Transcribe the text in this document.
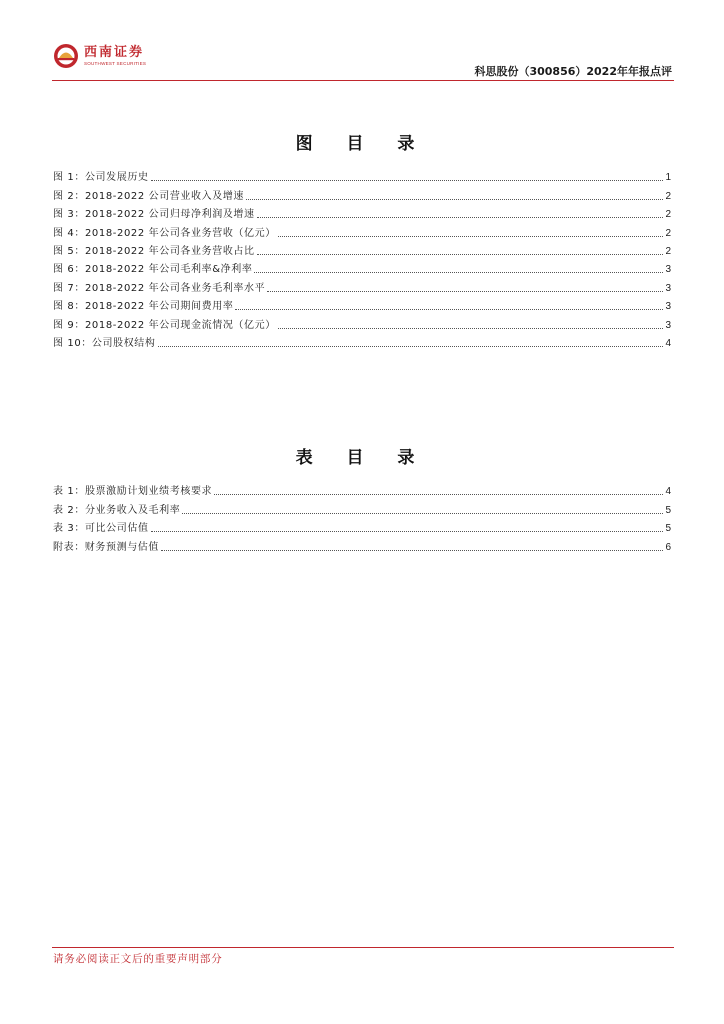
西南证券
SOUTHWEST SECURITIES
科思股份（300856）2022年年报点评
图 目 录
图 1：公司发展历史	1
图 2：2018-2022 公司营业收入及增速	2
图 3：2018-2022 公司归母净利润及增速	2
图 4：2018-2022 年公司各业务营收（亿元）	2
图 5：2018-2022 年公司各业务营收占比	2
图 6：2018-2022 年公司毛利率&净利率	3
图 7：2018-2022 年公司各业务毛利率水平	3
图 8：2018-2022 年公司期间费用率	3
图 9：2018-2022 年公司现金流情况（亿元）	3
图 10：公司股权结构	4
表 目 录
表 1：股票激励计划业绩考核要求	4
表 2：分业务收入及毛利率	5
表 3：可比公司估值	5
附表：财务预测与估值	6
请务必阅读正文后的重要声明部分
